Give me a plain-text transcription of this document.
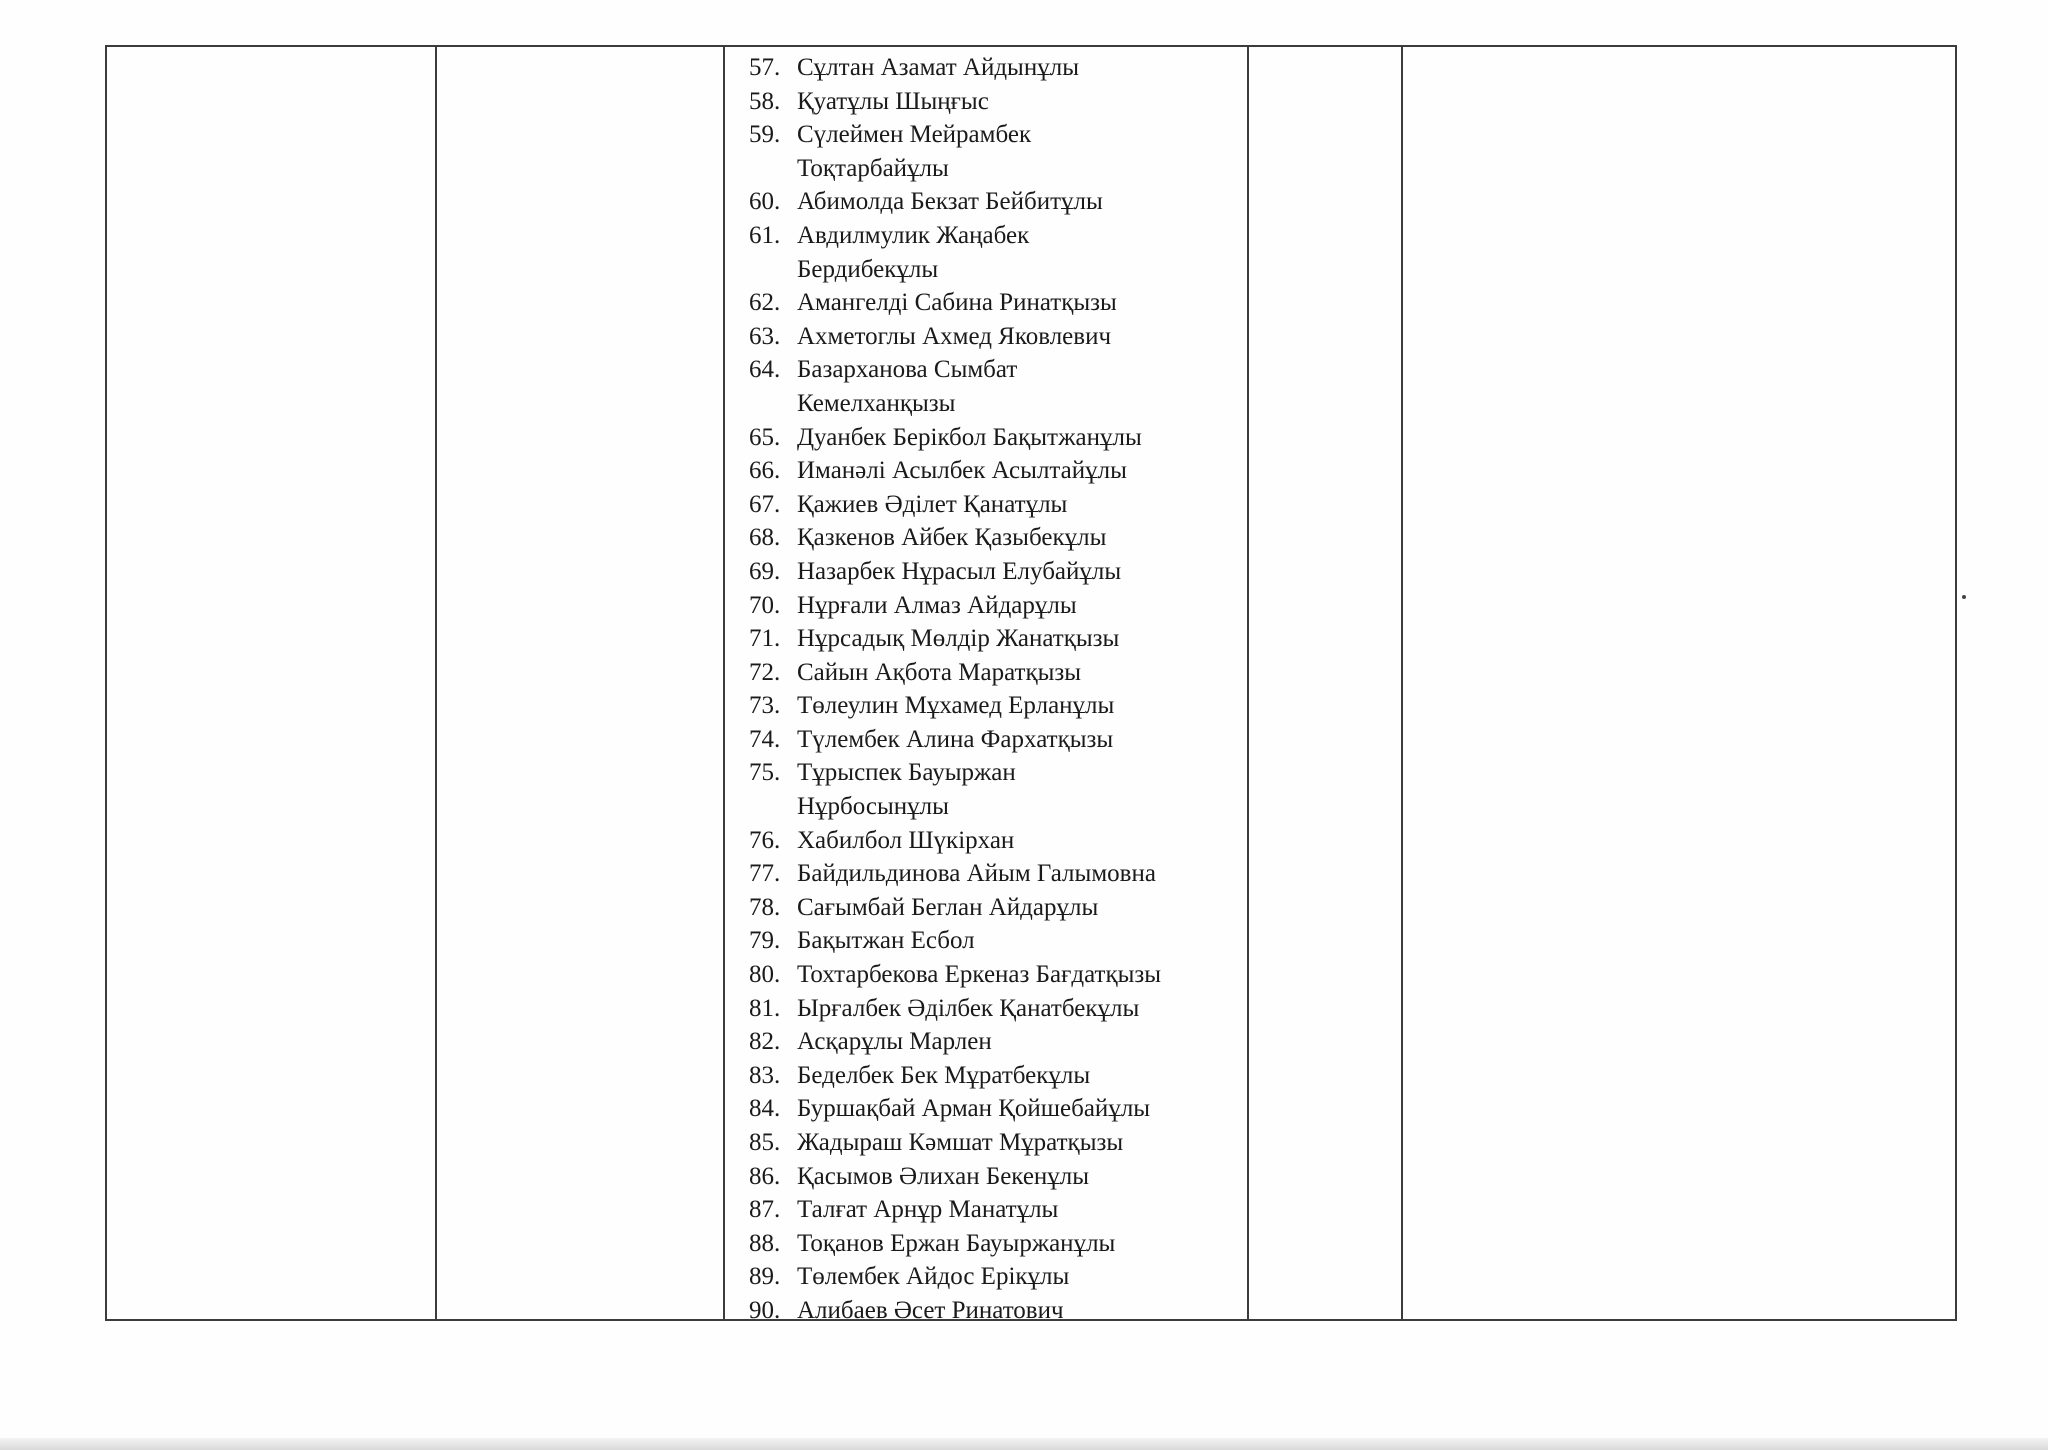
57. Сұлтан Азамат Айдынұлы
58. Қуатұлы Шыңғыс
59. Сүлеймен Мейрамбек Тоқтарбайұлы
60. Абимолда Бекзат Бейбитұлы
61. Авдилмулик Жаңабек Бердибекұлы
62. Амангелді Сабина Ринатқызы
63. Ахметоглы Ахмед Яковлевич
64. Базарханова Сымбат Кемелханқызы
65. Дуанбек Берікбол Бақытжанұлы
66. Иманәлі Асылбек Асылтайұлы
67. Қажиев Әділет Қанатұлы
68. Қазкенов Айбек Қазыбекұлы
69. Назарбек Нұрасыл Елубайұлы
70. Нұрғали Алмаз Айдарұлы
71. Нұрсадық Мөлдір Жанатқызы
72. Сайын Ақбота Маратқызы
73. Төлеулин Мұхамед Ерланұлы
74. Түлембек Алина Фархатқызы
75. Тұрыспек Бауыржан Нұрбосынұлы
76. Хабилбол Шүкірхан
77. Байдильдинова Айым Галымовна
78. Сағымбай Беглан Айдарұлы
79. Бақытжан Есбол
80. Тохтарбекова Еркеназ Бағдатқызы
81. Ырғалбек Әділбек Қанатбекұлы
82. Асқарұлы Марлен
83. Беделбек Бек Мұратбекұлы
84. Буршақбай Арман Қойшебайұлы
85. Жадыраш Кәмшат Мұратқызы
86. Қасымов Әлихан Бекенұлы
87. Талғат Арнұр Манатұлы
88. Тоқанов Ержан Бауыржанұлы
89. Төлембек Айдос Ерікұлы
90. Алибаев Әсет Ринатович
